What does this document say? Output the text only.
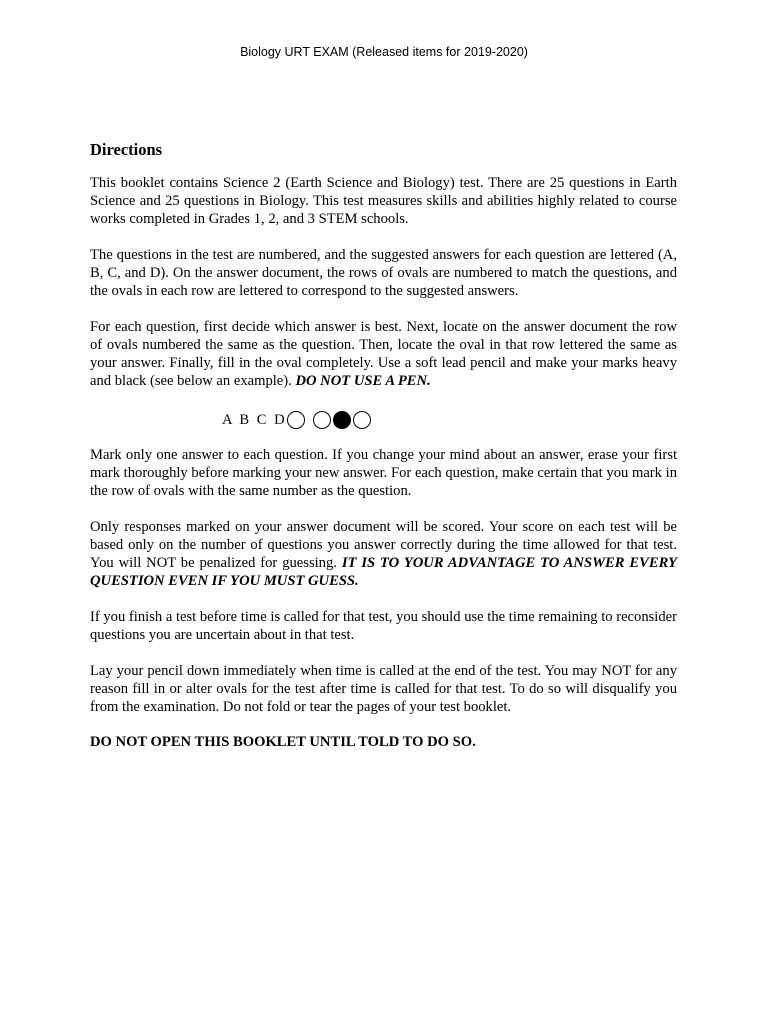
Biology URT EXAM (Released items for 2019-2020)
Directions

This booklet contains Science 2 (Earth Science and Biology) test. There are 25 questions in Earth Science and 25 questions in Biology. This test measures skills and abilities highly related to course works completed in Grades 1, 2, and 3 STEM schools.

The questions in the test are numbered, and the suggested answers for each question are lettered (A, B, C, and D). On the answer document, the rows of ovals are numbered to match the questions, and the ovals in each row are lettered to correspond to the suggested answers.

For each question, first decide which answer is best. Next, locate on the answer document the row of ovals numbered the same as the question. Then, locate the oval in that row lettered the same as your answer. Finally, fill in the oval completely. Use a soft lead pencil and make your marks heavy and black (see below an example). DO NOT USE A PEN.

A B C D

Mark only one answer to each question. If you change your mind about an answer, erase your first mark thoroughly before marking your new answer. For each question, make certain that you mark in the row of ovals with the same number as the question.

Only responses marked on your answer document will be scored. Your score on each test will be based only on the number of questions you answer correctly during the time allowed for that test. You will NOT be penalized for guessing. IT IS TO YOUR ADVANTAGE TO ANSWER EVERY QUESTION EVEN IF YOU MUST GUESS.

If you finish a test before time is called for that test, you should use the time remaining to reconsider questions you are uncertain about in that test.

Lay your pencil down immediately when time is called at the end of the test. You may NOT for any reason fill in or alter ovals for the test after time is called for that test. To do so will disqualify you from the examination. Do not fold or tear the pages of your test booklet.

DO NOT OPEN THIS BOOKLET UNTIL TOLD TO DO SO.
